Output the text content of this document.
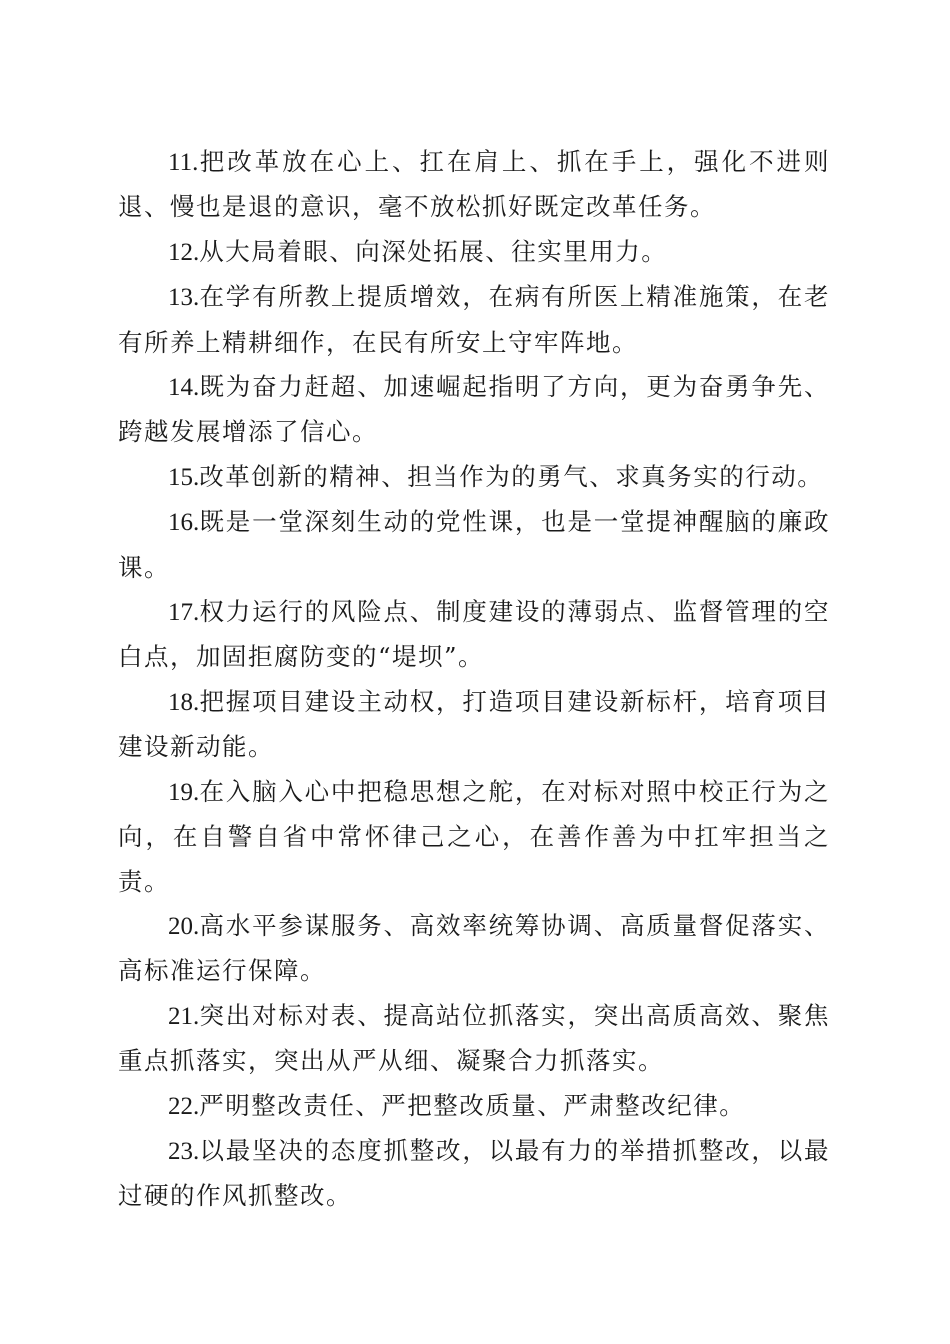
11.把改革放在心上、扛在肩上、抓在手上，强化不进则退、慢也是退的意识，毫不放松抓好既定改革任务。

12.从大局着眼、向深处拓展、往实里用力。

13.在学有所教上提质增效，在病有所医上精准施策，在老有所养上精耕细作，在民有所安上守牢阵地。

14.既为奋力赶超、加速崛起指明了方向，更为奋勇争先、跨越发展增添了信心。

15.改革创新的精神、担当作为的勇气、求真务实的行动。

16.既是一堂深刻生动的党性课，也是一堂提神醒脑的廉政课。

17.权力运行的风险点、制度建设的薄弱点、监督管理的空白点，加固拒腐防变的“堤坝”。

18.把握项目建设主动权，打造项目建设新标杆，培育项目建设新动能。

19.在入脑入心中把稳思想之舵，在对标对照中校正行为之向，在自警自省中常怀律己之心，在善作善为中扛牢担当之责。

20.高水平参谋服务、高效率统筹协调、高质量督促落实、高标准运行保障。

21.突出对标对表、提高站位抓落实，突出高质高效、聚焦重点抓落实，突出从严从细、凝聚合力抓落实。

22.严明整改责任、严把整改质量、严肃整改纪律。

23.以最坚决的态度抓整改，以最有力的举措抓整改，以最过硬的作风抓整改。
